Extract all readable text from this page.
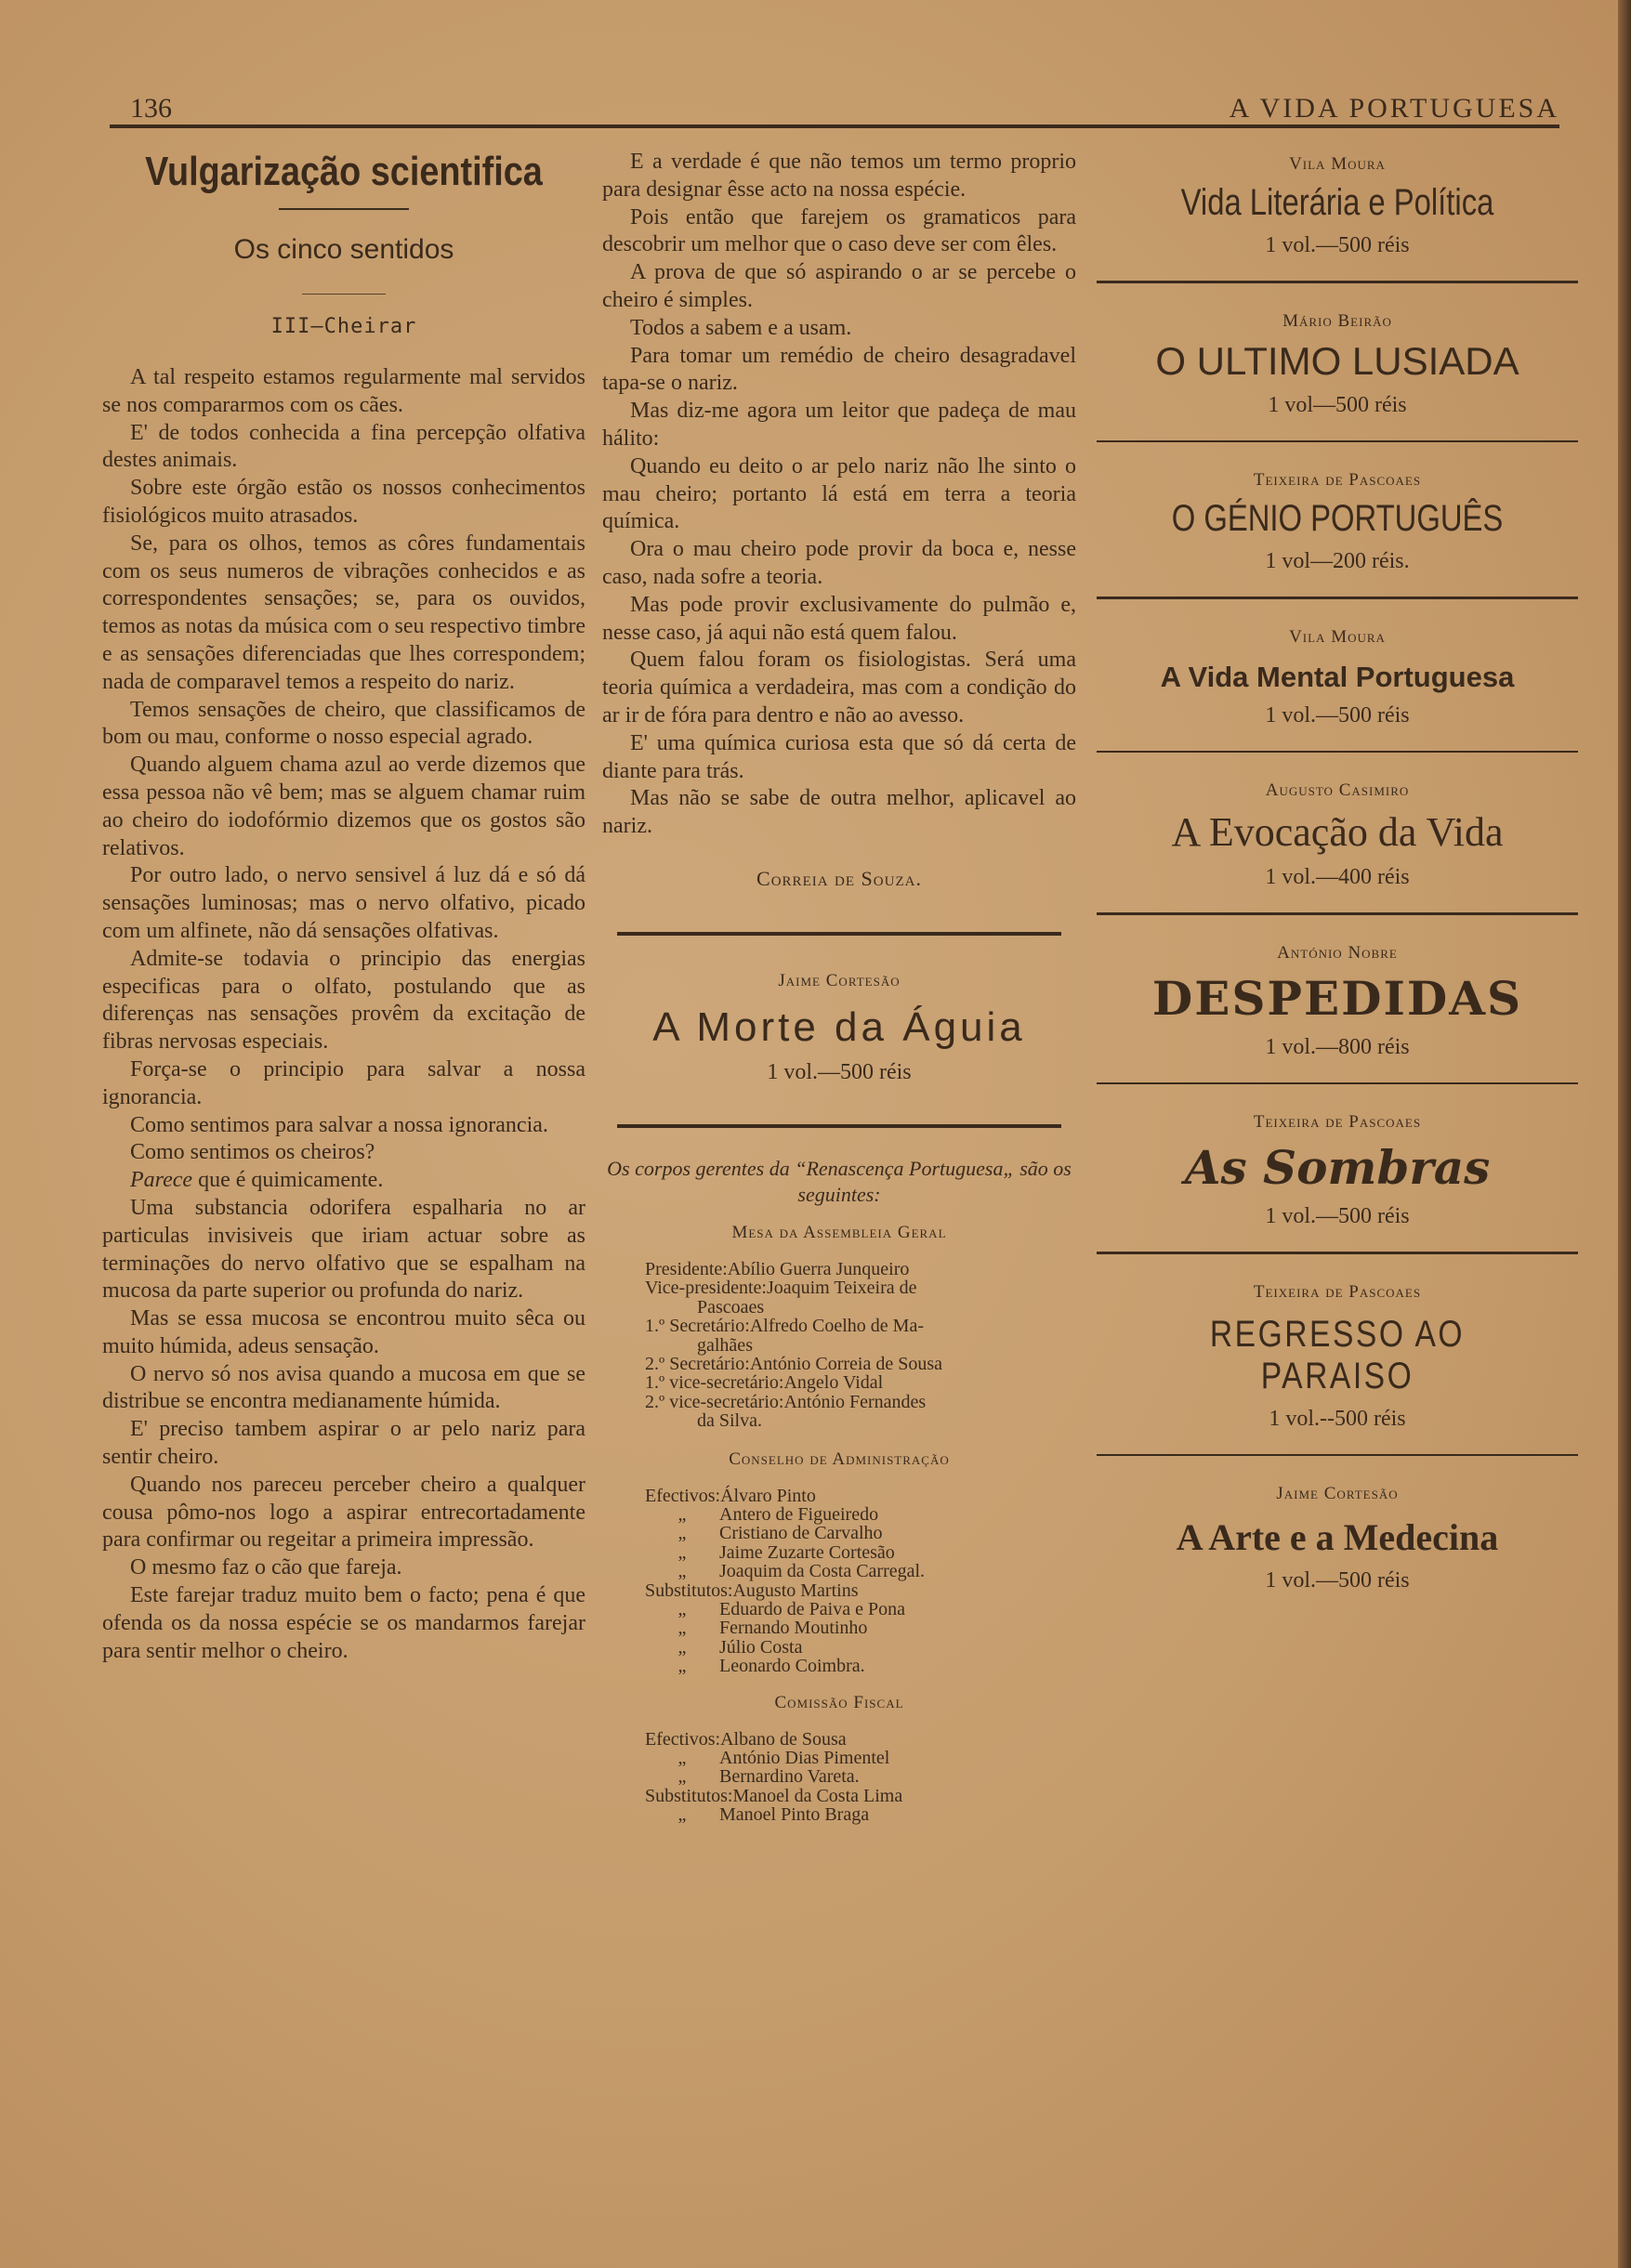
136	A VIDA PORTUGUESA
Vulgarização scientifica
Os cinco sentidos
III—Cheirar

A tal respeito estamos regularmente mal servidos se nos compararmos com os cães.

E' de todos conhecida a fina percepção olfativa destes animais.

Sobre este órgão estão os nossos conhecimentos fisiológicos muito atrasados.

Se, para os olhos, temos as côres fundamentais com os seus numeros de vibrações conhecidos e as correspondentes sensações; se, para os ouvidos, temos as notas da música com o seu respectivo timbre e as sensações diferenciadas que lhes correspondem; nada de comparavel temos a respeito do nariz.

Temos sensações de cheiro, que classificamos de bom ou mau, conforme o nosso especial agrado.

Quando alguem chama azul ao verde dizemos que essa pessoa não vê bem; mas se alguem chamar ruim ao cheiro do iodofórmio dizemos que os gostos são relativos.

Por outro lado, o nervo sensivel á luz dá e só dá sensações luminosas; mas o nervo olfativo, picado com um alfinete, não dá sensações olfativas.

Admite-se todavia o principio das energias especificas para o olfato, postulando que as diferenças nas sensações provêm da excitação de fibras nervosas especiais.

Força-se o principio para salvar a nossa ignorancia.

Como sentimos para salvar a nossa ignorancia.

Como sentimos os cheiros?

Parece que é quimicamente.

Uma substancia odorifera espalharia no ar particulas invisiveis que iriam actuar sobre as terminações do nervo olfativo que se espalham na mucosa da parte superior ou profunda do nariz.

Mas se essa mucosa se encontrou muito sêca ou muito húmida, adeus sensação.

O nervo só nos avisa quando a mucosa em que se distribue se encontra medianamente húmida.

E' preciso tambem aspirar o ar pelo nariz para sentir cheiro.

Quando nos pareceu perceber cheiro a qualquer cousa pômo-nos logo a aspirar entrecortadamente para confirmar ou regeitar a primeira impressão.

O mesmo faz o cão que fareja.

Este farejar traduz muito bem o facto; pena é que ofenda os da nossa espécie se os mandarmos farejar para sentir melhor o cheiro.

E a verdade é que não temos um termo proprio para designar êsse acto na nossa espécie.

Pois então que farejem os gramaticos para descobrir um melhor que o caso deve ser com êles.

A prova de que só aspirando o ar se percebe o cheiro é simples.

Todos a sabem e a usam.

Para tomar um remédio de cheiro desagradavel tapa-se o nariz.

Mas diz-me agora um leitor que padeça de mau hálito:

Quando eu deito o ar pelo nariz não lhe sinto o mau cheiro; portanto lá está em terra a teoria química.

Ora o mau cheiro pode provir da boca e, nesse caso, nada sofre a teoria.

Mas pode provir exclusivamente do pulmão e, nesse caso, já aqui não está quem falou.

Quem falou foram os fisiologistas. Será uma teoria química a verdadeira, mas com a condição do ar ir de fóra para dentro e não ao avesso.

E' uma química curiosa esta que só dá certa de diante para trás.

Mas não se sabe de outra melhor, aplicavel ao nariz.

Correia de Souza.
Jaime Cortesão
A Morte da Águia
1 vol.—500 réis
Os corpos gerentes da “Renascença Portuguesa„ são os seguintes:
Mesa da Assembleia Geral
Presidente: Abílio Guerra Junqueiro
Vice-presidente: Joaquim Teixeira de
Pascoaes
1.º Secretário: Alfredo Coelho de Ma-
galhães
2.º Secretário: António Correia de Sousa
1.º vice-secretário: Angelo Vidal
2.º vice-secretário: António Fernandes
da Silva.
Conselho de Administração
Efectivos: Álvaro Pinto
„	Antero de Figueiredo
„	Cristiano de Carvalho
„	Jaime Zuzarte Cortesão
„	Joaquim da Costa Carregal.
Substitutos: Augusto Martins
„	Eduardo de Paiva e Pona
„	Fernando Moutinho
„	Júlio Costa
„	Leonardo Coimbra.
Comissão Fiscal
Efectivos: Albano de Sousa
„	António Dias Pimentel
„	Bernardino Vareta.
Substitutos: Manoel da Costa Lima
„	Manoel Pinto Braga
Vila Moura
Vida Literária e Política
1 vol.—500 réis
Mário Beirão
O ULTIMO LUSIADA
1 vol—500 réis
Teixeira de Pascoaes
O GÉNIO PORTUGUÊS
1 vol—200 réis.
Vila Moura
A Vida Mental Portuguesa
1 vol.—500 réis
Augusto Casimiro
A Evocação da Vida
1 vol.—400 réis
António Nobre
DESPEDIDAS
1 vol.—800 réis
Teixeira de Pascoaes
As Sombras
1 vol.—500 réis
Teixeira de Pascoaes
REGRESSO AO PARAISO
1 vol.--500 réis
Jaime Cortesão
A Arte e a Medecina
1 vol.—500 réis
